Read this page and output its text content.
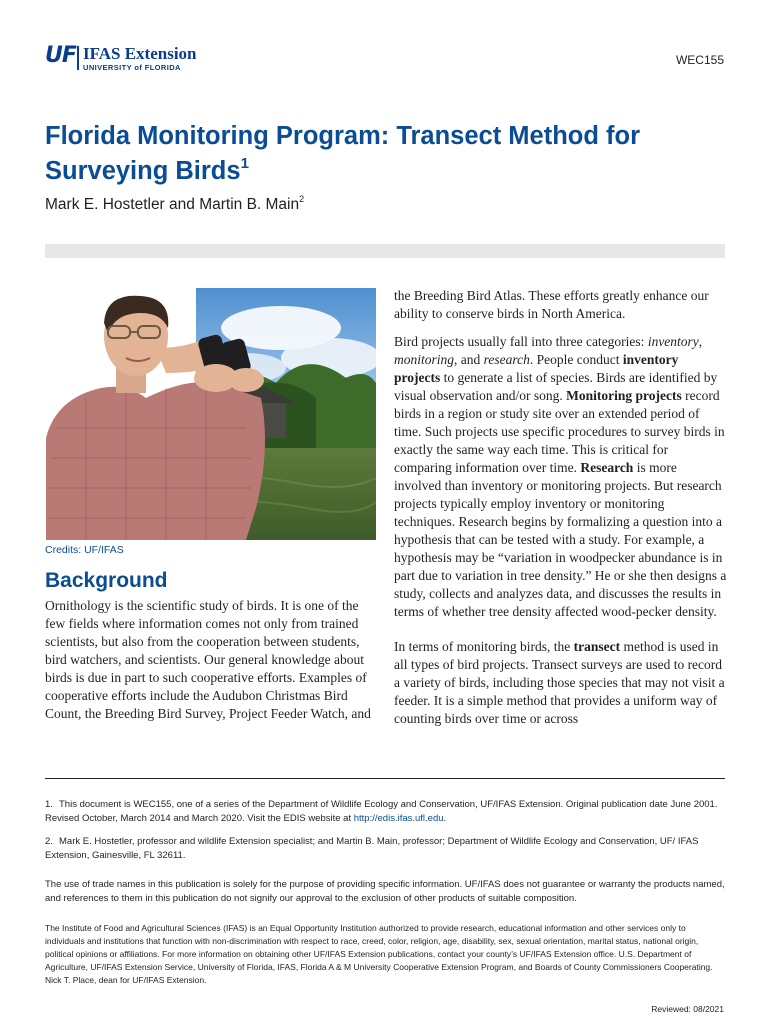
UF IFAS Extension
UNIVERSITY of FLORIDA
WEC155
Florida Monitoring Program: Transect Method for Surveying Birds$^1$
Mark E. Hostetler and Martin B. Main$^2$
Credits: UF/IFAS
Background

Ornithology is the scientific study of birds. It is one of the few fields where information comes not only from trained scientists, but also from the cooperation between students, bird watchers, and scientists. Our general knowledge about birds is due in part to such cooperative efforts. Examples of cooperative efforts include the Audubon Christmas Bird Count, the Breeding Bird Survey, Project Feeder Watch, and

the Breeding Bird Atlas. These efforts greatly enhance our ability to conserve birds in North America.

Bird projects usually fall into three categories: inventory, monitoring, and research. People conduct inventory projects to generate a list of species. Birds are identified by visual observation and/or song. Monitoring projects record birds in a region or study site over an extended period of time. Such projects use specific procedures to survey birds in exactly the same way each time. This is critical for comparing information over time. Research is more involved than inventory or monitoring projects. But research projects typically employ inventory or monitoring techniques. Research begins by formalizing a question into a hypothesis that can be tested with a study. For example, a hypothesis may be “variation in woodpecker abundance is in part due to variation in tree density.” He or she then designs a study, collects and analyzes data, and discusses the results in terms of whether tree density affected wood-pecker density.

In terms of monitoring birds, the transect method is used in all types of bird projects. Transect surveys are used to record a variety of birds, including those species that may not visit a feeder. It is a simple method that provides a uniform way of counting birds over time or across

1. This document is WEC155, one of a series of the Department of Wildlife Ecology and Conservation, UF/IFAS Extension. Original publication date June 2001. Revised October, March 2014 and March 2020. Visit the EDIS website at http://edis.ifas.ufl.edu.

2. Mark E. Hostetler, professor and wildlife Extension specialist; and Martin B. Main, professor; Department of Wildlife Ecology and Conservation, UF/ IFAS Extension, Gainesville, FL 32611.

The use of trade names in this publication is solely for the purpose of providing specific information. UF/IFAS does not guarantee or warranty the products named, and references to them in this publication do not signify our approval to the exclusion of other products of suitable composition.

The Institute of Food and Agricultural Sciences (IFAS) is an Equal Opportunity Institution authorized to provide research, educational information and other services only to individuals and institutions that function with non-discrimination with respect to race, creed, color, religion, age, disability, sex, sexual orientation, marital status, national origin, political opinions or affiliations. For more information on obtaining other UF/IFAS Extension publications, contact your county’s UF/IFAS Extension office. U.S. Department of Agriculture, UF/IFAS Extension Service, University of Florida, IFAS, Florida A & M University Cooperative Extension Program, and Boards of County Commissioners Cooperating. Nick T. Place, dean for UF/IFAS Extension.

Reviewed: 08/2021
